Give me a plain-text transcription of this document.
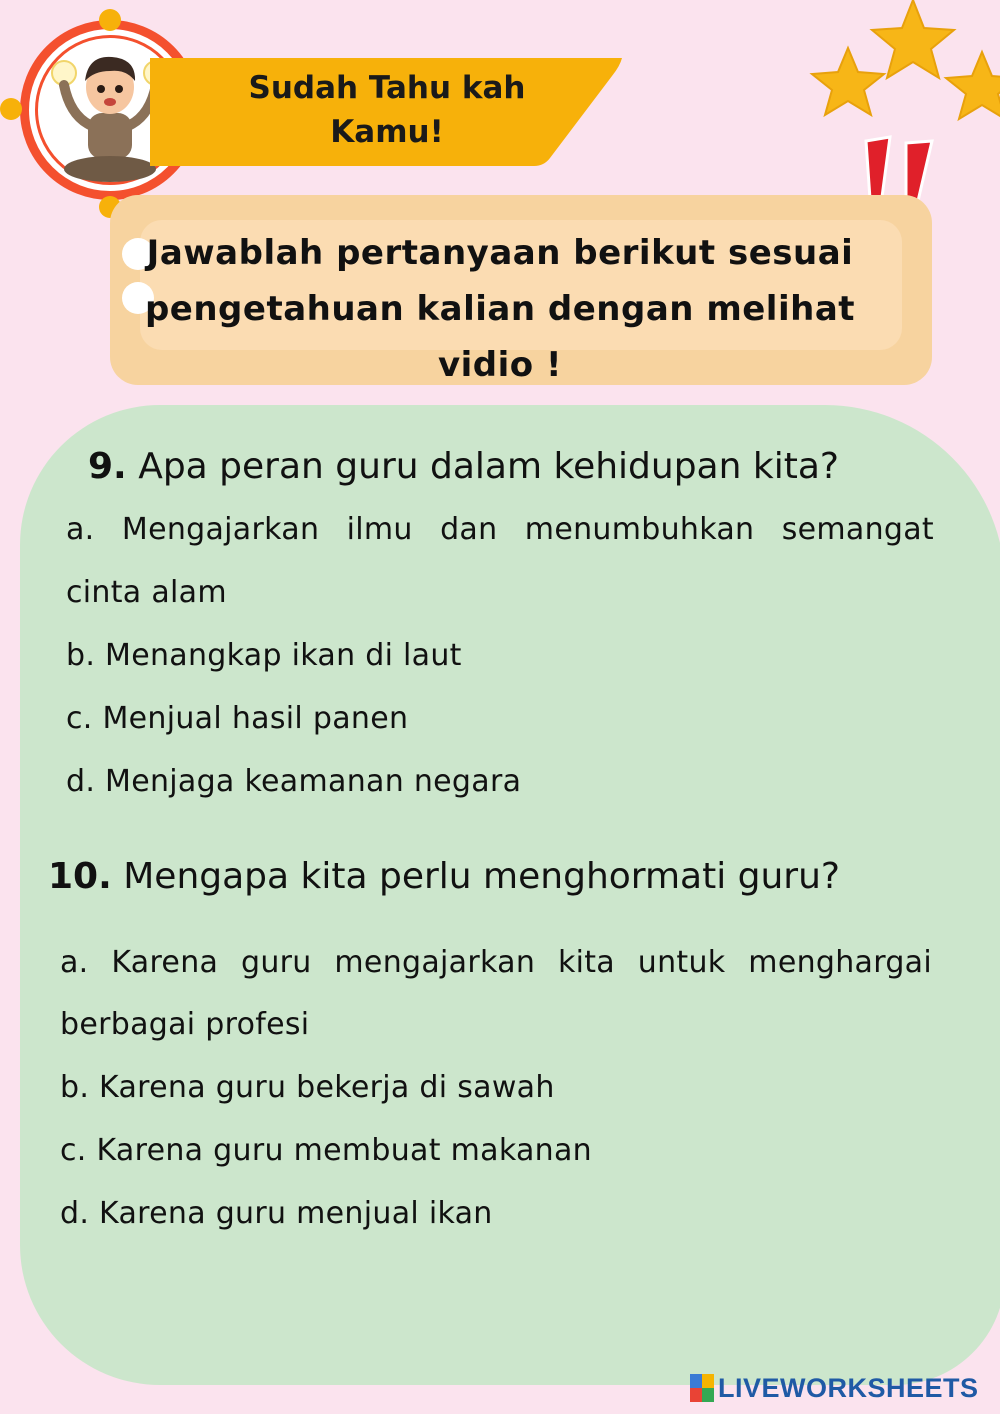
Sudah Tahu kah
Kamu!
Jawablah pertanyaan berikut sesuai
pengetahuan kalian dengan melihat
vidio !
9. Apa peran guru dalam kehidupan kita?
a. Mengajarkan ilmu dan menumbuhkan semangat
cinta alam
b. Menangkap ikan di laut
c. Menjual hasil panen
d. Menjaga keamanan negara
10. Mengapa kita perlu menghormati guru?
a. Karena guru mengajarkan kita untuk menghargai
berbagai profesi
b. Karena guru bekerja di sawah
c. Karena guru membuat makanan
d. Karena guru menjual ikan
LIVEWORKSHEETS
